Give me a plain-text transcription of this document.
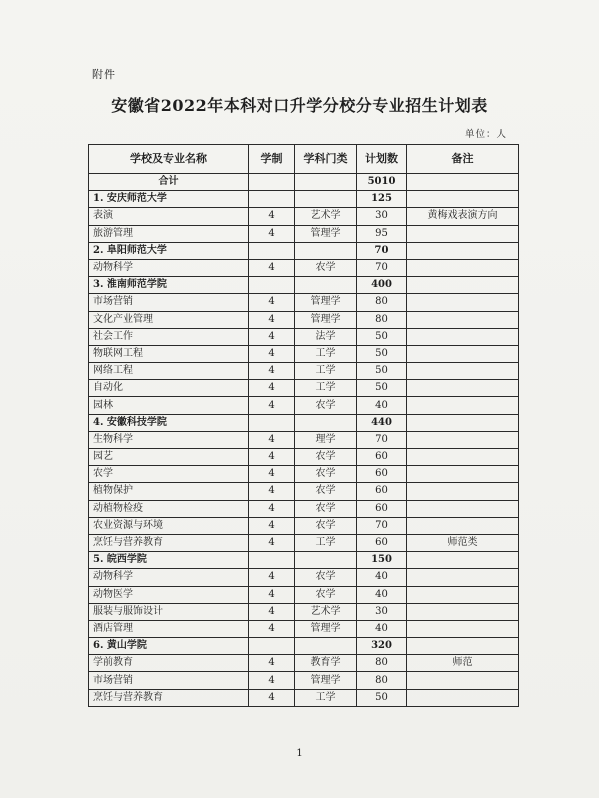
附件
安徽省2022年本科对口升学分校分专业招生计划表
单位：人
学校及专业名称	学制	学科门类	计划数	备注
合计			5010	
1. 安庆师范大学			125	
表演	4	艺术学	30	黄梅戏表演方向
旅游管理	4	管理学	95	
2. 阜阳师范大学			70	
动物科学	4	农学	70	
3. 淮南师范学院			400	
市场营销	4	管理学	80	
文化产业管理	4	管理学	80	
社会工作	4	法学	50	
物联网工程	4	工学	50	
网络工程	4	工学	50	
自动化	4	工学	50	
园林	4	农学	40	
4. 安徽科技学院			440	
生物科学	4	理学	70	
园艺	4	农学	60	
农学	4	农学	60	
植物保护	4	农学	60	
动植物检疫	4	农学	60	
农业资源与环境	4	农学	70	
烹饪与营养教育	4	工学	60	师范类
5. 皖西学院			150	
动物科学	4	农学	40	
动物医学	4	农学	40	
服装与服饰设计	4	艺术学	30	
酒店管理	4	管理学	40	
6. 黄山学院			320	
学前教育	4	教育学	80	师范
市场营销	4	管理学	80	
烹饪与营养教育	4	工学	50	
1
